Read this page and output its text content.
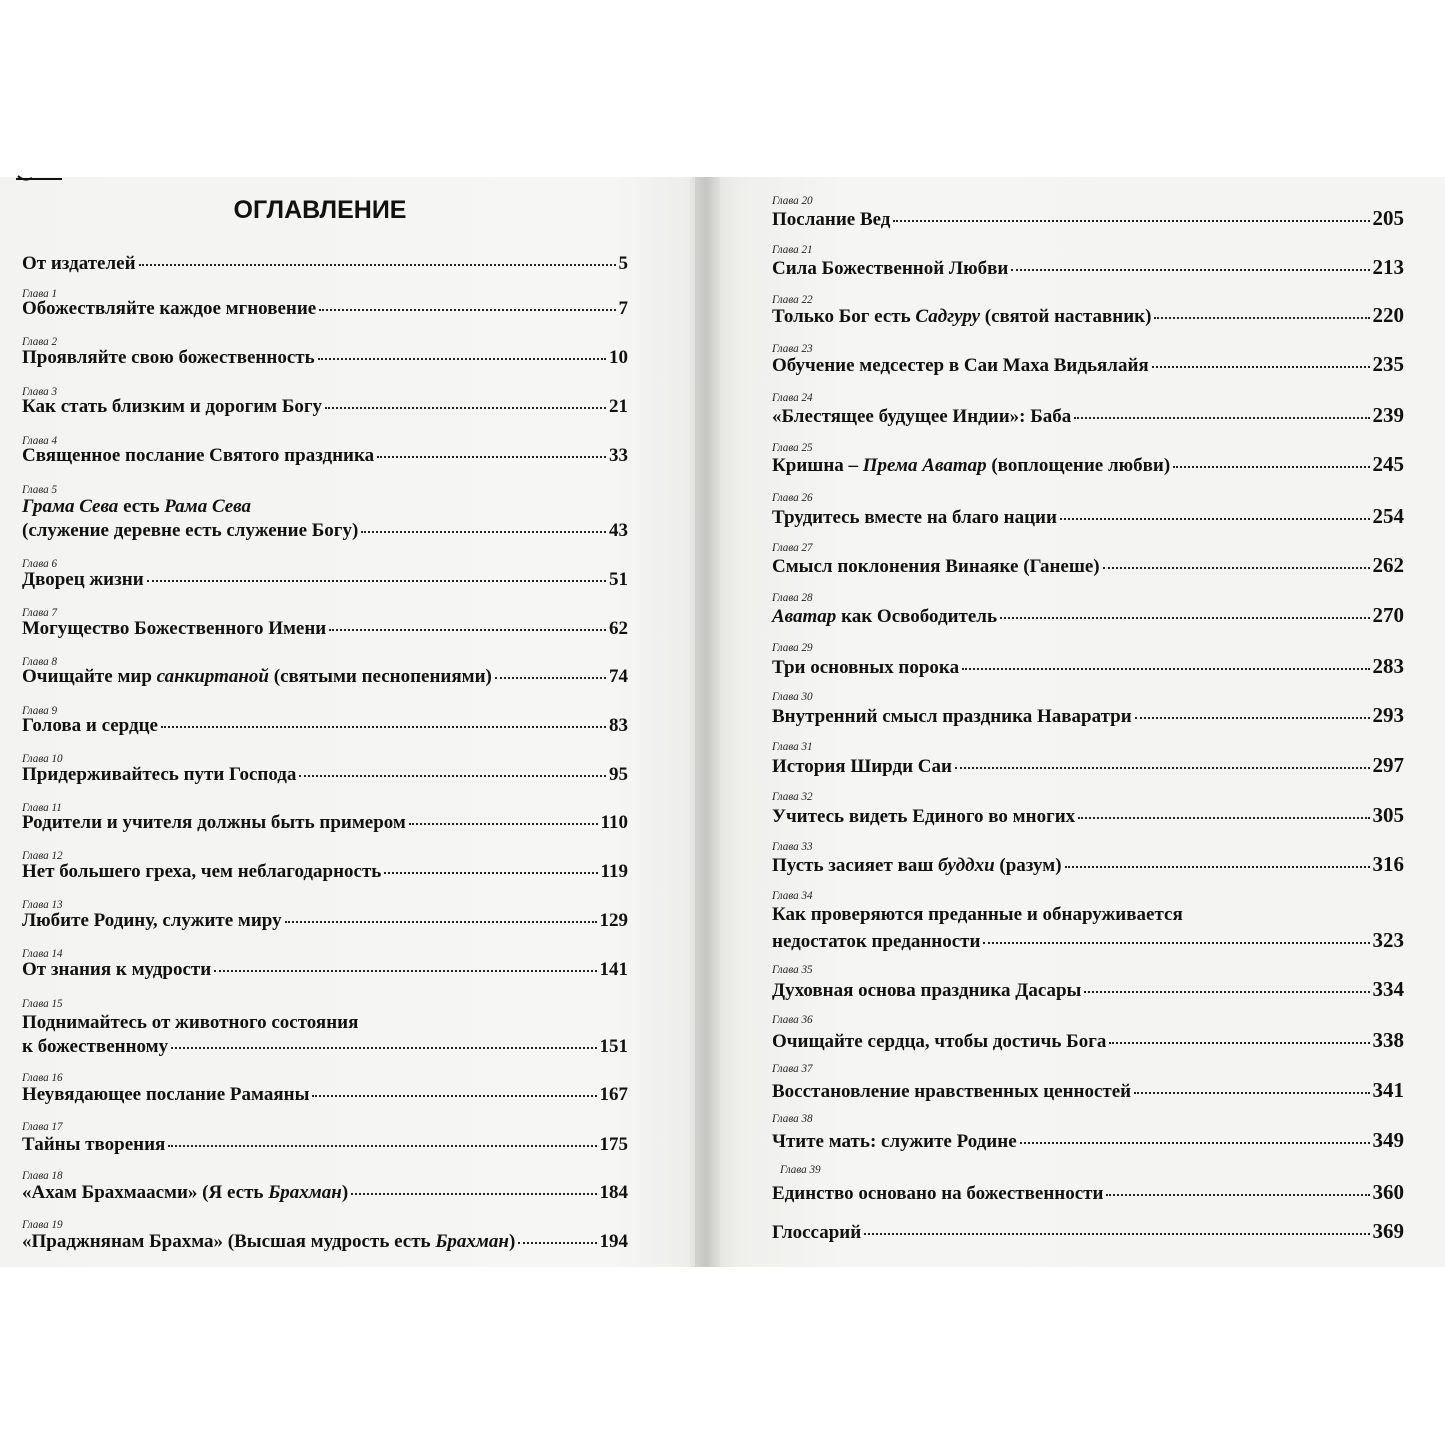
ОГЛАВЛЕНИЕ
От издателей	5
Глава 1
Обожествляйте каждое мгновение	7
Глава 2
Проявляйте свою божественность	10
Глава 3
Как стать близким и дорогим Богу	21
Глава 4
Священное послание Святого праздника	33
Глава 5
Грама Сева есть Рама Сева
(служение деревне есть служение Богу)	43
Глава 6
Дворец жизни	51
Глава 7
Могущество Божественного Имени	62
Глава 8
Очищайте мир санкиртаной (святыми песнопениями)	74
Глава 9
Голова и сердце	83
Глава 10
Придерживайтесь пути Господа	95
Глава 11
Родители и учителя должны быть примером	110
Глава 12
Нет большего греха, чем неблагодарность	119
Глава 13
Любите Родину, служите миру	129
Глава 14
От знания к мудрости	141
Глава 15
Поднимайтесь от животного состояния
к божественному	151
Глава 16
Неувядающее послание Рамаяны	167
Глава 17
Тайны творения	175
Глава 18
«Ахам Брахмаасми» (Я есть Брахман)	184
Глава 19
«Праджнянам Брахма» (Высшая мудрость есть Брахман)	194
Глава 20
Послание Вед	205
Глава 21
Сила Божественной Любви	213
Глава 22
Только Бог есть Садгуру (святой наставник)	220
Глава 23
Обучение медсестер в Саи Маха Видьялайя	235
Глава 24
«Блестящее будущее Индии»: Баба	239
Глава 25
Кришна – Према Аватар (воплощение любви)	245
Глава 26
Трудитесь вместе на благо нации	254
Глава 27
Смысл поклонения Винаяке (Ганеше)	262
Глава 28
Аватар как Освободитель	270
Глава 29
Три основных порока	283
Глава 30
Внутренний смысл праздника Наваратри	293
Глава 31
История Ширди Саи	297
Глава 32
Учитесь видеть Единого во многих	305
Глава 33
Пусть засияет ваш буддхи (разум)	316
Глава 34
Как проверяются преданные и обнаруживается
недостаток преданности	323
Глава 35
Духовная основа праздника Дасары	334
Глава 36
Очищайте сердца, чтобы достичь Бога	338
Глава 37
Восстановление нравственных ценностей	341
Глава 38
Чтите мать: служите Родине	349
Глава 39
Единство основано на божественности	360
Глоссарий	369
